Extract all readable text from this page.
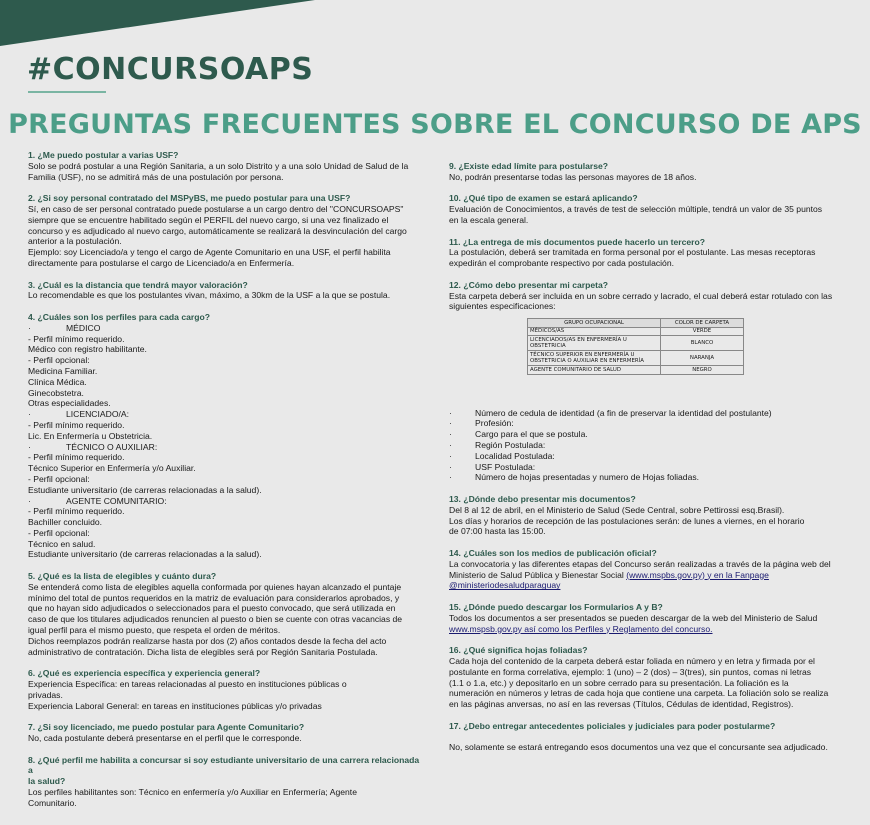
#CONCURSOAPS
PREGUNTAS FRECUENTES SOBRE EL CONCURSO DE APS

1. ¿Me puedo postular a varias USF?

Solo se podrá postular a una Región Sanitaria, a un solo Distrito y a una solo Unidad de Salud de la
Familia (USF), no se admitirá más de una postulación por persona.

2. ¿Si soy personal contratado del MSPyBS, me puedo postular para una USF?

Sí, en caso de ser personal contratado puede postularse a un cargo dentro del "CONCURSOAPS"
siempre que se encuentre habilitado según el PERFIL del nuevo cargo, si una vez finalizado el
concurso y es adjudicado al nuevo cargo, automáticamente se realizará la desvinculación del cargo
anterior a la postulación.
Ejemplo: soy Licenciado/a y tengo el cargo de Agente Comunitario en una USF, el perfil habilita
directamente para postularse el cargo de Licenciado/a en Enfermería.

3. ¿Cuál es la distancia que tendrá mayor valoración?

Lo recomendable es que los postulantes vivan, máximo, a 30km de la USF a la que se postula.

4. ¿Cuáles son los perfiles para cada cargo?

·	MÉDICO

- Perfil mínimo requerido.
Médico con registro habilitante.
- Perfil opcional:
Medicina Familiar.
Clínica Médica.
Ginecobstetra.
Otras especialidades.

·	LICENCIADO/A:

- Perfil mínimo requerido.
Lic. En Enfermería u Obstetricia.

·	TÉCNICO O AUXILIAR:

- Perfil mínimo requerido.
Técnico Superior en Enfermería y/o Auxiliar.
- Perfil opcional:
Estudiante universitario (de carreras relacionadas a la salud).

·	AGENTE COMUNITARIO:

- Perfil mínimo requerido.
Bachiller concluido.
- Perfil opcional:
Técnico en salud.
Estudiante universitario (de carreras relacionadas a la salud).

5. ¿Qué es la lista de elegibles y cuánto dura?

Se entenderá como lista de elegibles aquella conformada por quienes hayan alcanzado el puntaje
mínimo del total de puntos requeridos en la matriz de evaluación para considerarlos aprobados, y
que no hayan sido adjudicados o seleccionados para el puesto convocado, que será utilizada en
caso de que los titulares adjudicados renuncien al puesto o bien se cuente con otras vacancias de
igual perfil para el mismo puesto, que respeta el orden de méritos.
Dichos reemplazos podrán realizarse hasta por dos (2) años contados desde la fecha del acto
administrativo de contratación. Dicha lista de elegibles será por Región Sanitaria Postulada.

6. ¿Qué es experiencia específica y experiencia general?

Experiencia Específica: en tareas relacionadas al puesto en instituciones públicas o
privadas.
Experiencia Laboral General: en tareas en instituciones públicas y/o privadas

7. ¿Si soy licenciado, me puedo postular para Agente Comunitario?

No, cada postulante deberá presentarse en el perfil que le corresponde.

8. ¿Qué perfil me habilita a concursar si soy estudiante universitario de una carrera relacionada a
la salud?

Los perfiles habilitantes son: Técnico en enfermería y/o Auxiliar en Enfermería; Agente
Comunitario.

9. ¿Existe edad límite para postularse?

No, podrán presentarse todas las personas mayores de 18 años.

10. ¿Qué tipo de examen se estará aplicando?

Evaluación de Conocimientos, a través de test de selección múltiple, tendrá un valor de 35 puntos
en la escala general.

11. ¿La entrega de mis documentos puede hacerlo un tercero?

La postulación, deberá ser tramitada en forma personal por el postulante. Las mesas receptoras
expedirán el comprobante respectivo por cada postulación.

12. ¿Cómo debo presentar mi carpeta?

Esta carpeta deberá ser incluida en un sobre cerrado y lacrado, el cual deberá estar rotulado con las
siguientes especificaciones:

GRUPO OCUPACIONAL	COLOR DE CARPETA
MÉDICOS/AS	VERDE
LICENCIADOS/AS EN ENFERMERÍA U OBSTETRICIA	BLANCO
TÉCNICO SUPERIOR EN ENFERMERÍA U OBSTETRICIA O AUXILIAR EN ENFERMERÍA	NARANJA
AGENTE COMUNITARIO DE SALUD	NEGRO

·	Número de cedula de identidad (a fin de preservar la identidad del postulante)

·	Profesión:

·	Cargo para el que se postula.

·	Región Postulada:

·	Localidad Postulada:

·	USF Postulada:

·	Número de hojas presentadas y numero de Hojas foliadas.

13. ¿Dónde debo presentar mis documentos?

Del 8 al 12 de abril, en el Ministerio de Salud (Sede Central, sobre Pettirossi esq.Brasil).
Los días y horarios de recepción de las postulaciones serán: de lunes a viernes, en el horario
de 07:00 hasta las 15:00.

14. ¿Cuáles son los medios de publicación oficial?

La convocatoria y las diferentes etapas del Concurso serán realizadas a través de la página web del
Ministerio de Salud Pública y Bienestar Social (www.mspbs.gov.py) y en la Fanpage
@ministeriodesaludparaguay

15. ¿Dónde puedo descargar los Formularios A y B?

Todos los documentos a ser presentados se pueden descargar de la web del Ministerio de Salud

www.mspsb.gov.py así como los Perfiles y Reglamento del concurso.

16. ¿Qué significa hojas foliadas?

Cada hoja del contenido de la carpeta deberá estar foliada en número y en letra y firmada por el
postulante en forma correlativa, ejemplo: 1 (uno) – 2 (dos) – 3(tres), sin puntos, comas ni letras
(1.1 o 1.a, etc.) y depositarlo en un sobre cerrado para su presentación. La foliación es la
numeración en números y letras de cada hoja que contiene una carpeta. La foliación solo se realiza
en las páginas anversas, no así en las reversas (Títulos, Cédulas de identidad, Registros).

17. ¿Debo entregar antecedentes policiales y judiciales para poder postularme?

No, solamente se estará entregando esos documentos una vez que el concursante sea adjudicado.
